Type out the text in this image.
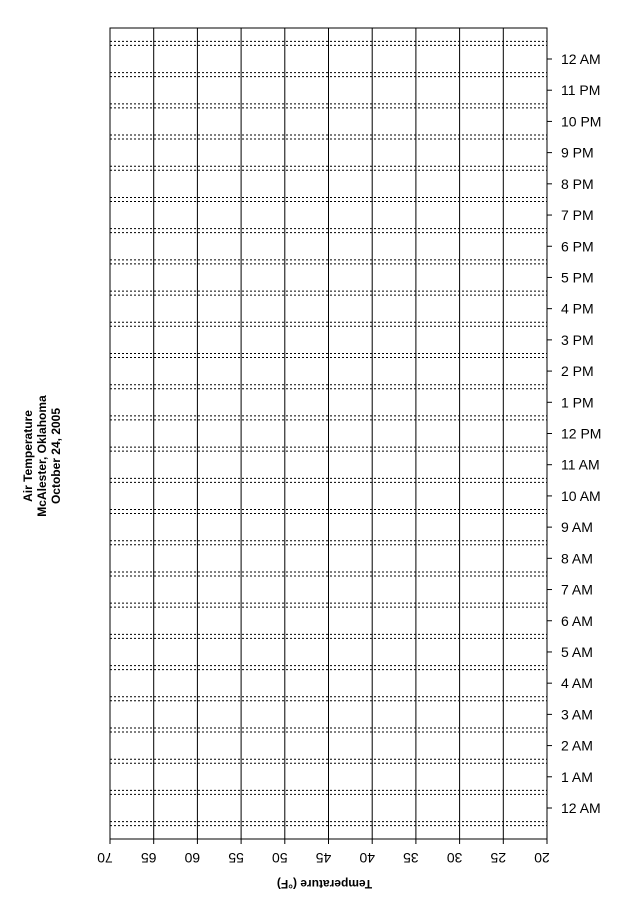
Air Temperature McAlester, Oklahoma October 24, 2005
12 AM
1 AM
2 AM
3 AM
4 AM
5 AM
6 AM
7 AM
8 AM
9 AM
10 AM
11 AM
12 PM
1 PM
2 PM
3 PM
4 PM
5 PM
6 PM
7 PM
8 PM
9 PM
10 PM
11 PM
12 AM
70 65 60 55 50 45 40 35 30 25 20
Temperature (°F)
